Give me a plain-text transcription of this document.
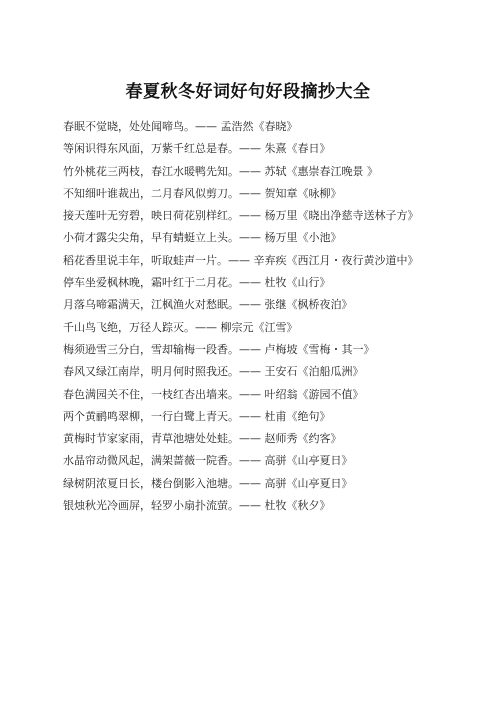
春夏秋冬好词好句好段摘抄大全
春眠不觉晓，处处闻啼鸟。—— 孟浩然《春晓》
等闲识得东风面，万紫千红总是春。—— 朱熹《春日》
竹外桃花三两枝，春江水暖鸭先知。—— 苏轼《惠崇春江晚景 》
不知细叶谁裁出，二月春风似剪刀。—— 贺知章《咏柳》
接天莲叶无穷碧，映日荷花别样红。—— 杨万里《晓出净慈寺送林子方》
小荷才露尖尖角，早有蜻蜓立上头。—— 杨万里《小池》
稻花香里说丰年，听取蛙声一片。—— 辛弃疾《西江月・夜行黄沙道中》
停车坐爱枫林晚，霜叶红于二月花。—— 杜牧《山行》
月落乌啼霜满天，江枫渔火对愁眠。—— 张继《枫桥夜泊》
千山鸟飞绝，万径人踪灭。—— 柳宗元《江雪》
梅须逊雪三分白，雪却输梅一段香。—— 卢梅坡《雪梅・其一》
春风又绿江南岸，明月何时照我还。—— 王安石《泊船瓜洲》
春色满园关不住，一枝红杏出墙来。—— 叶绍翁《游园不值》
两个黄鹂鸣翠柳，一行白鹭上青天。—— 杜甫《绝句》
黄梅时节家家雨，青草池塘处处蛙。—— 赵师秀《约客》
水晶帘动微风起，满架蔷薇一院香。—— 高骈《山亭夏日》
绿树阴浓夏日长，楼台倒影入池塘。—— 高骈《山亭夏日》
银烛秋光冷画屏，轻罗小扇扑流萤。—— 杜牧《秋夕》
